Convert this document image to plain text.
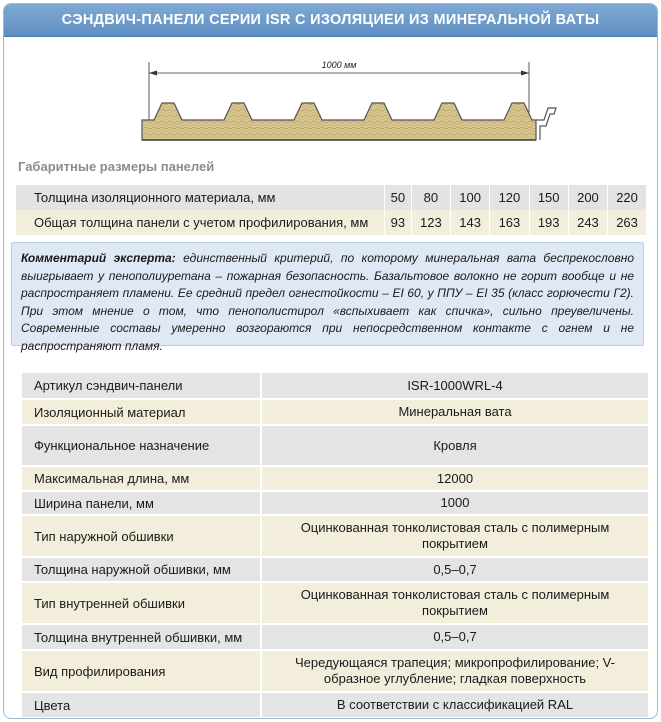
СЭНДВИЧ-ПАНЕЛИ СЕРИИ ISR С ИЗОЛЯЦИЕИ ИЗ МИНЕРАЛЬНОЙ ВАТЫ
1000 мм
Габаритные размеры панелей
Толщина изоляционного материала, мм	50	80	100	120	150	200	220
Общая толщина панели с учетом профилирования, мм	93	123	143	163	193	243	263
Комментарий эксперта: единственный критерий, по которому минеральная вата беспрекословно выигрывает у пенополиуретана – пожарная безопасность. Базальтовое волокно не горит вообще и не распространяет пламени. Ее средний предел огнестойкости – EI 60, у ППУ – EI 35 (класс горючести Г2). При этом мнение о том, что пенополистирол «вспыхивает как спичка», сильно преувеличены. Современные составы умеренно возгораются при непосредственном контакте с огнем и не распространяют пламя.
Артикул сэндвич-панели	ISR-1000WRL-4
Изоляционный материал	Минеральная вата
Функциональное назначение	Кровля
Максимальная длина, мм	12000
Ширина панели, мм	1000
Тип наружной обшивки	Оцинкованная тонколистовая сталь с полимерным покрытием
Толщина наружной обшивки, мм	0,5–0,7
Тип внутренней обшивки	Оцинкованная тонколистовая сталь с полимерным покрытием
Толщина внутренней обшивки, мм	0,5–0,7
Вид профилирования	Чередующаяся трапеция; микропрофилирование; V-образное углубление; гладкая поверхность
Цвета	В соответствии с классификацией RAL
